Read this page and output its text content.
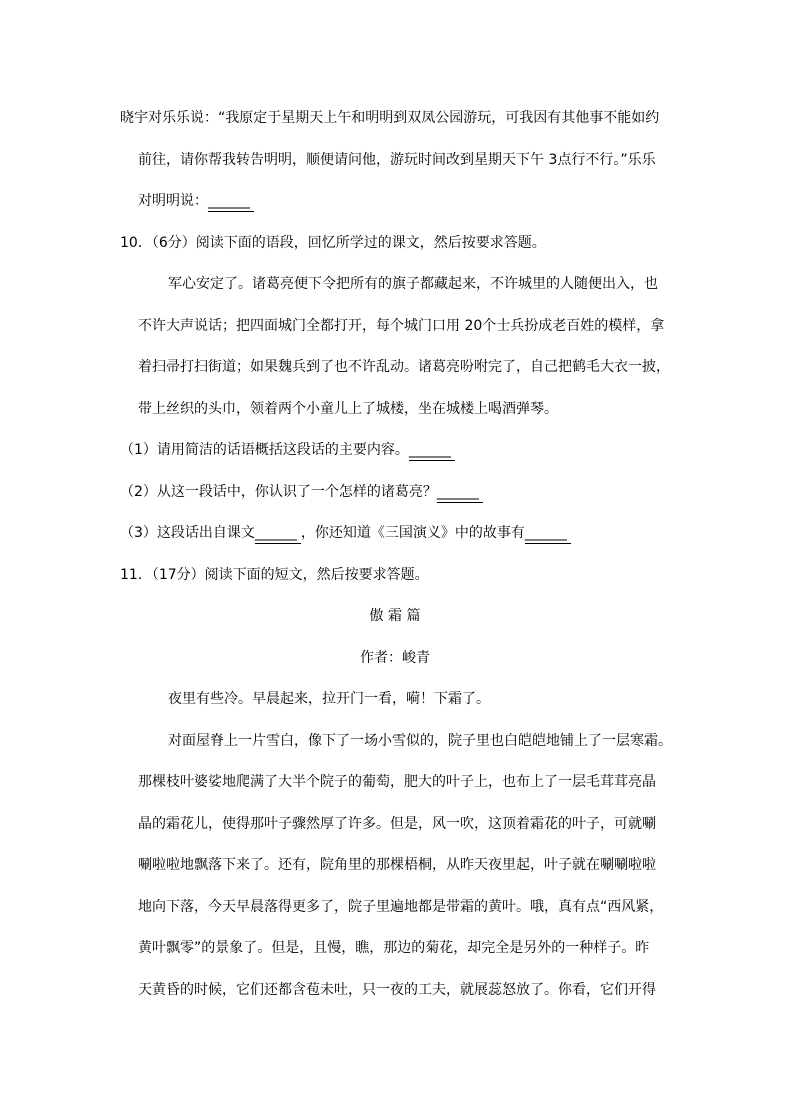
晓宇对乐乐说：“我原定于星期天上午和明明到双凤公园游玩，可我因有其他事不能如约
前往，请你帮我转告明明，顺便请问他，游玩时间改到星期天下午 3点行不行。”乐乐
对明明说：______
10．（6分）阅读下面的语段，回忆所学过的课文，然后按要求答题。
军心安定了。诸葛亮便下令把所有的旗子都藏起来，不许城里的人随便出入，也
不许大声说话；把四面城门全都打开，每个城门口用 20个士兵扮成老百姓的模样，拿
着扫帚打扫街道；如果魏兵到了也不许乱动。诸葛亮吩咐完了，自己把鹤毛大衣一披，
带上丝织的头巾，领着两个小童儿上了城楼，坐在城楼上喝酒弹琴。
（1）请用简洁的话语概括这段话的主要内容。______
（2）从这一段话中，你认识了一个怎样的诸葛亮？______
（3）这段话出自课文______ ，你还知道《三国演义》中的故事有______
11．（17分）阅读下面的短文，然后按要求答题。
傲 霜 篇
作者：峻青
夜里有些冷。早晨起来，拉开门一看，嗬！下霜了。
对面屋脊上一片雪白，像下了一场小雪似的，院子里也白皑皑地铺上了一层寒霜。
那棵枝叶婆娑地爬满了大半个院子的葡萄，肥大的叶子上，也布上了一层毛茸茸亮晶
晶的霜花儿，使得那叶子骤然厚了许多。但是，风一吹，这顶着霜花的叶子，可就唰
唰啦啦地飘落下来了。还有，院角里的那棵梧桐，从昨天夜里起，叶子就在唰唰啦啦
地向下落，今天早晨落得更多了，院子里遍地都是带霜的黄叶。哦，真有点“西风紧，
黄叶飘零”的景象了。但是，且慢，瞧，那边的菊花，却完全是另外的一种样子。昨
天黄昏的时候，它们还都含苞未吐，只一夜的工夫，就展蕊怒放了。你看，它们开得
